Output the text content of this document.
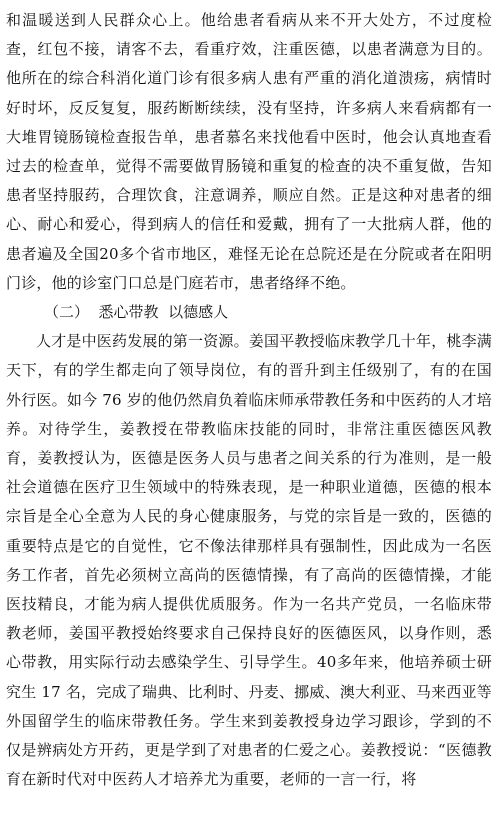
和温暖送到人民群众心上。他给患者看病从来不开大处方，不过度检查，红包不接，请客不去，看重疗效，注重医德，以患者满意为目的。他所在的综合科消化道门诊有很多病人患有严重的消化道溃疡，病情时好时坏，反反复复，服药断断续续，没有坚持，许多病人来看病都有一大堆胃镜肠镜检查报告单，患者慕名来找他看中医时，他会认真地查看过去的检查单，觉得不需要做胃肠镜和重复的检查的决不重复做，告知患者坚持服药，合理饮食，注意调养，顺应自然。正是这种对患者的细心、耐心和爱心，得到病人的信任和爱戴，拥有了一大批病人群，他的患者遍及全国20多个省市地区，难怪无论在总院还是在分院或者在阳明门诊，他的诊室门口总是门庭若市，患者络绎不绝。

（二）  悉心带教  以德感人

人才是中医药发展的第一资源。姜国平教授临床教学几十年，桃李满天下，有的学生都走向了领导岗位，有的晋升到主任级别了，有的在国外行医。如今 76 岁的他仍然肩负着临床师承带教任务和中医药的人才培养。对待学生，姜教授在带教临床技能的同时，非常注重医德医风教育，姜教授认为，医德是医务人员与患者之间关系的行为准则，是一般社会道德在医疗卫生领域中的特殊表现，是一种职业道德，医德的根本宗旨是全心全意为人民的身心健康服务，与党的宗旨是一致的，医德的重要特点是它的自觉性，它不像法律那样具有强制性，因此成为一名医务工作者，首先必须树立高尚的医德情操，有了高尚的医德情操，才能医技精良，才能为病人提供优质服务。作为一名共产党员，一名临床带教老师，姜国平教授始终要求自己保持良好的医德医风，以身作则，悉心带教，用实际行动去感染学生、引导学生。40多年来，他培养硕士研究生 17 名，完成了瑞典、比利时、丹麦、挪威、澳大利亚、马来西亚等外国留学生的临床带教任务。学生来到姜教授身边学习跟诊，学到的不仅是辨病处方开药，更是学到了对患者的仁爱之心。姜教授说：“医德教育在新时代对中医药人才培养尤为重要，老师的一言一行，将
